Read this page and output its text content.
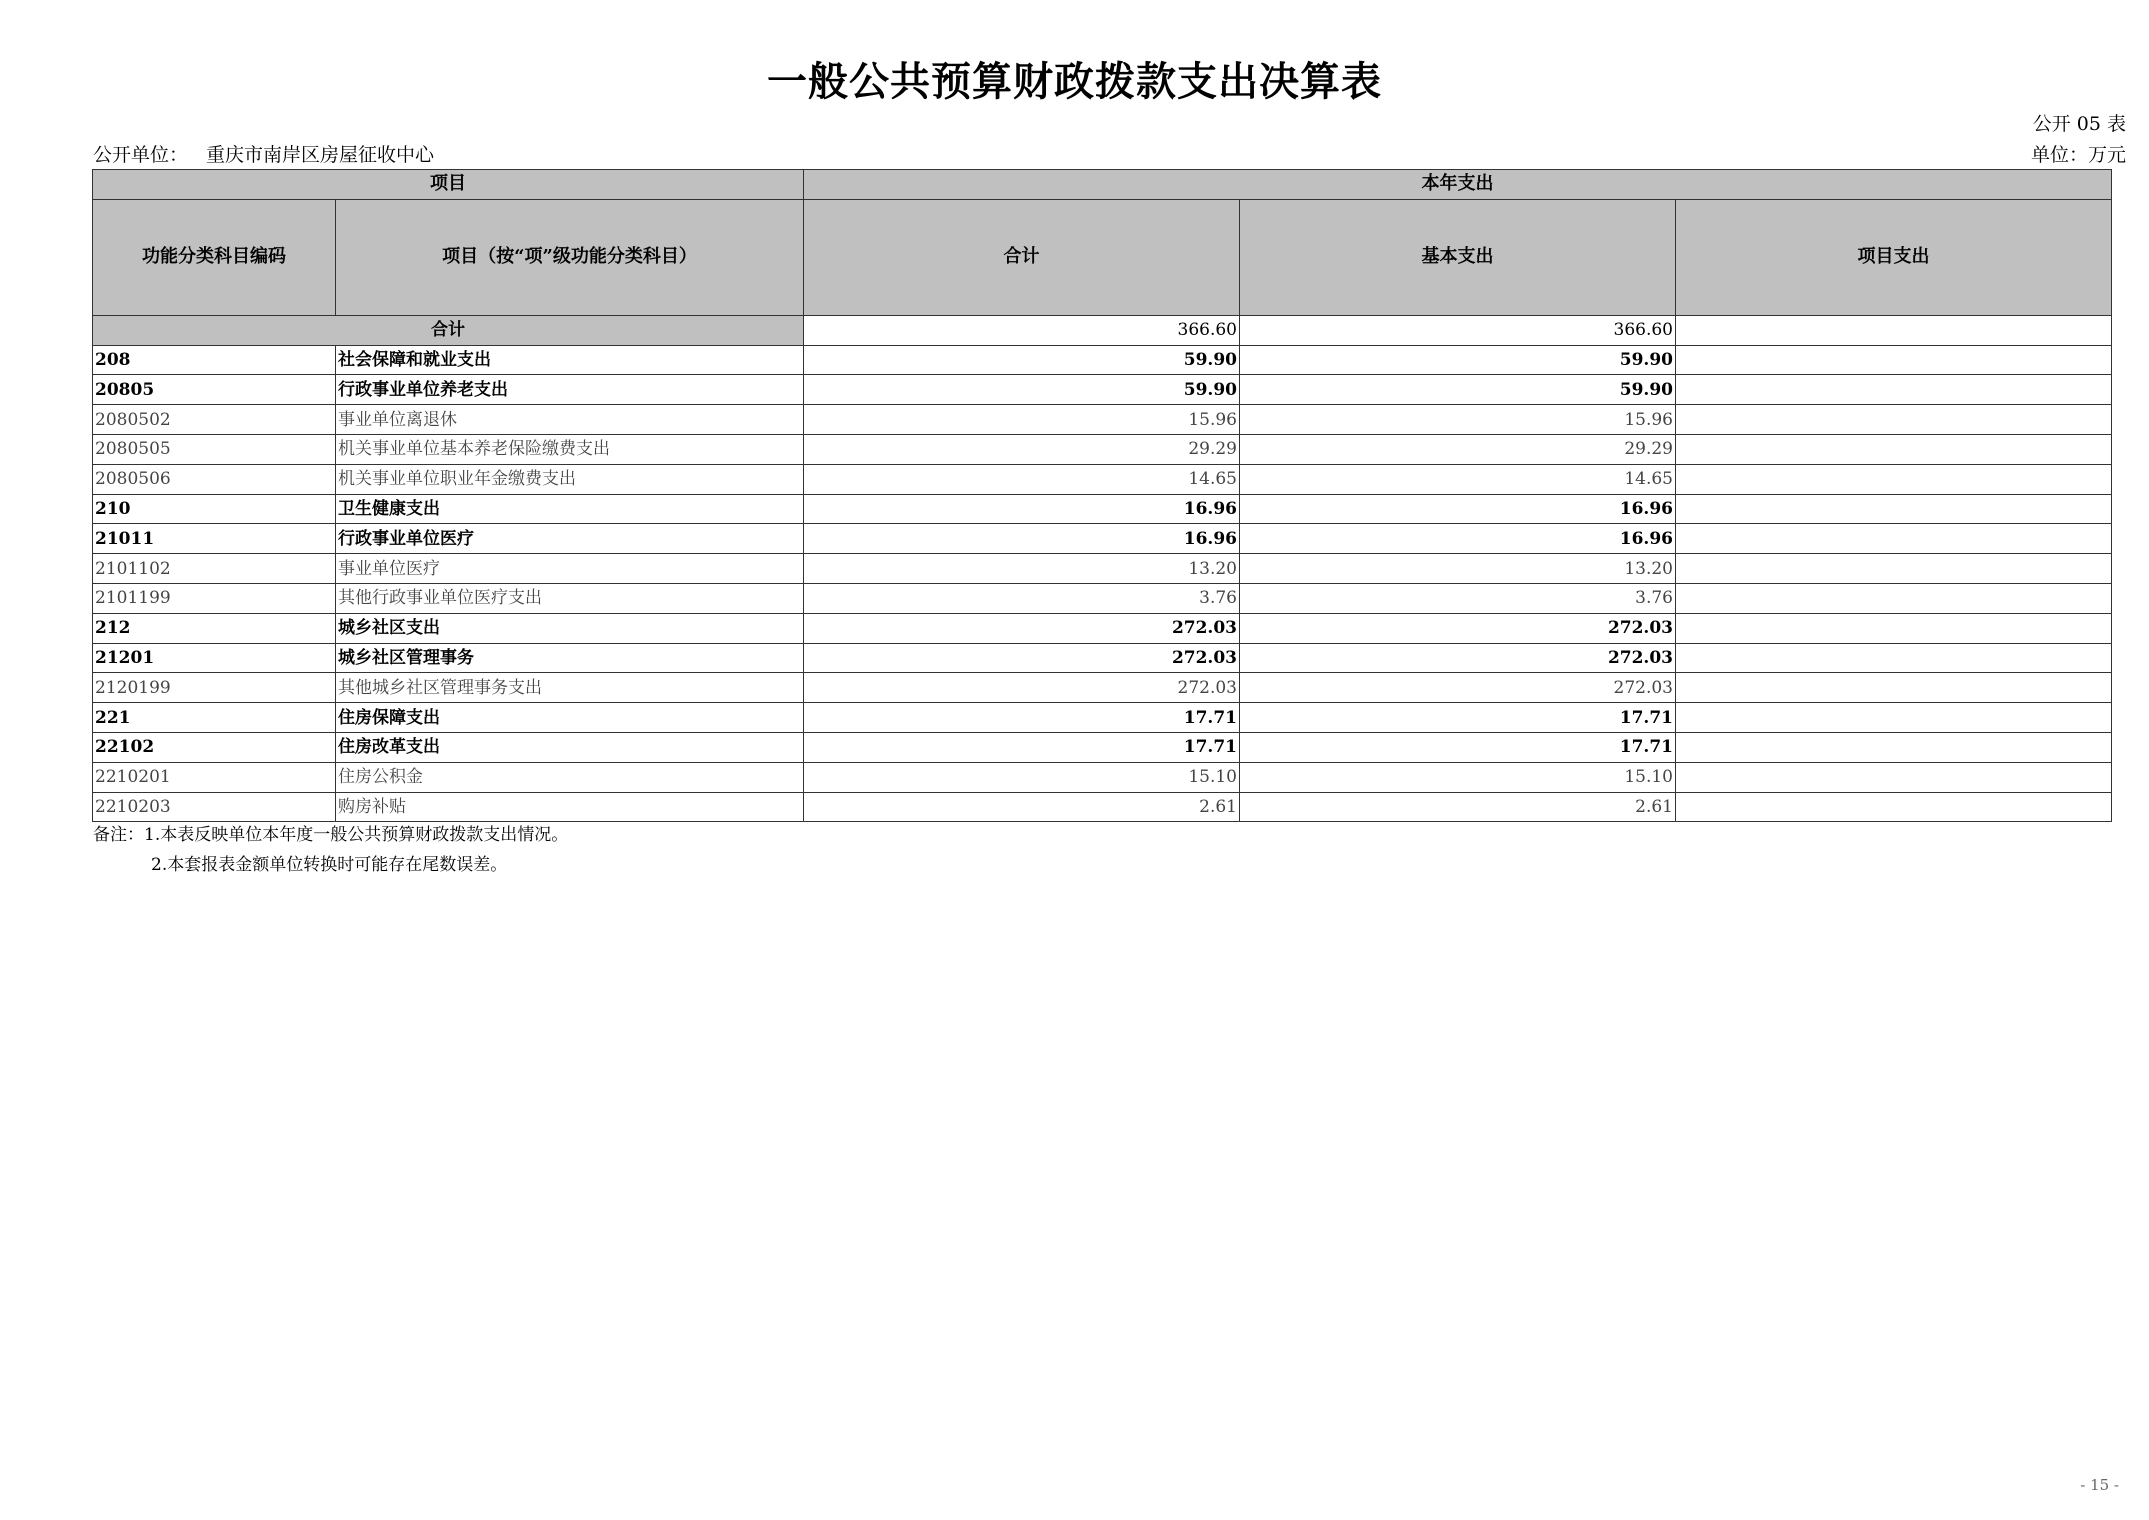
一般公共预算财政拨款支出决算表
公开 05 表
公开单位： 重庆市南岸区房屋征收中心	单位：万元
项目		本年支出		
功能分类科目编码	项目（按“项”级功能分类科目）	合计	基本支出	项目支出
合计		366.60	366.60	
208	社会保障和就业支出	59.90	59.90	
20805	行政事业单位养老支出	59.90	59.90	
2080502	事业单位离退休	15.96	15.96	
2080505	机关事业单位基本养老保险缴费支出	29.29	29.29	
2080506	机关事业单位职业年金缴费支出	14.65	14.65	
210	卫生健康支出	16.96	16.96	
21011	行政事业单位医疗	16.96	16.96	
2101102	事业单位医疗	13.20	13.20	
2101199	其他行政事业单位医疗支出	3.76	3.76	
212	城乡社区支出	272.03	272.03	
21201	城乡社区管理事务	272.03	272.03	
2120199	其他城乡社区管理事务支出	272.03	272.03	
221	住房保障支出	17.71	17.71	
22102	住房改革支出	17.71	17.71	
2210201	住房公积金	15.10	15.10	
2210203	购房补贴	2.61	2.61	
备注：1.本表反映单位本年度一般公共预算财政拨款支出情况。
2.本套报表金额单位转换时可能存在尾数误差。
- 15 -
